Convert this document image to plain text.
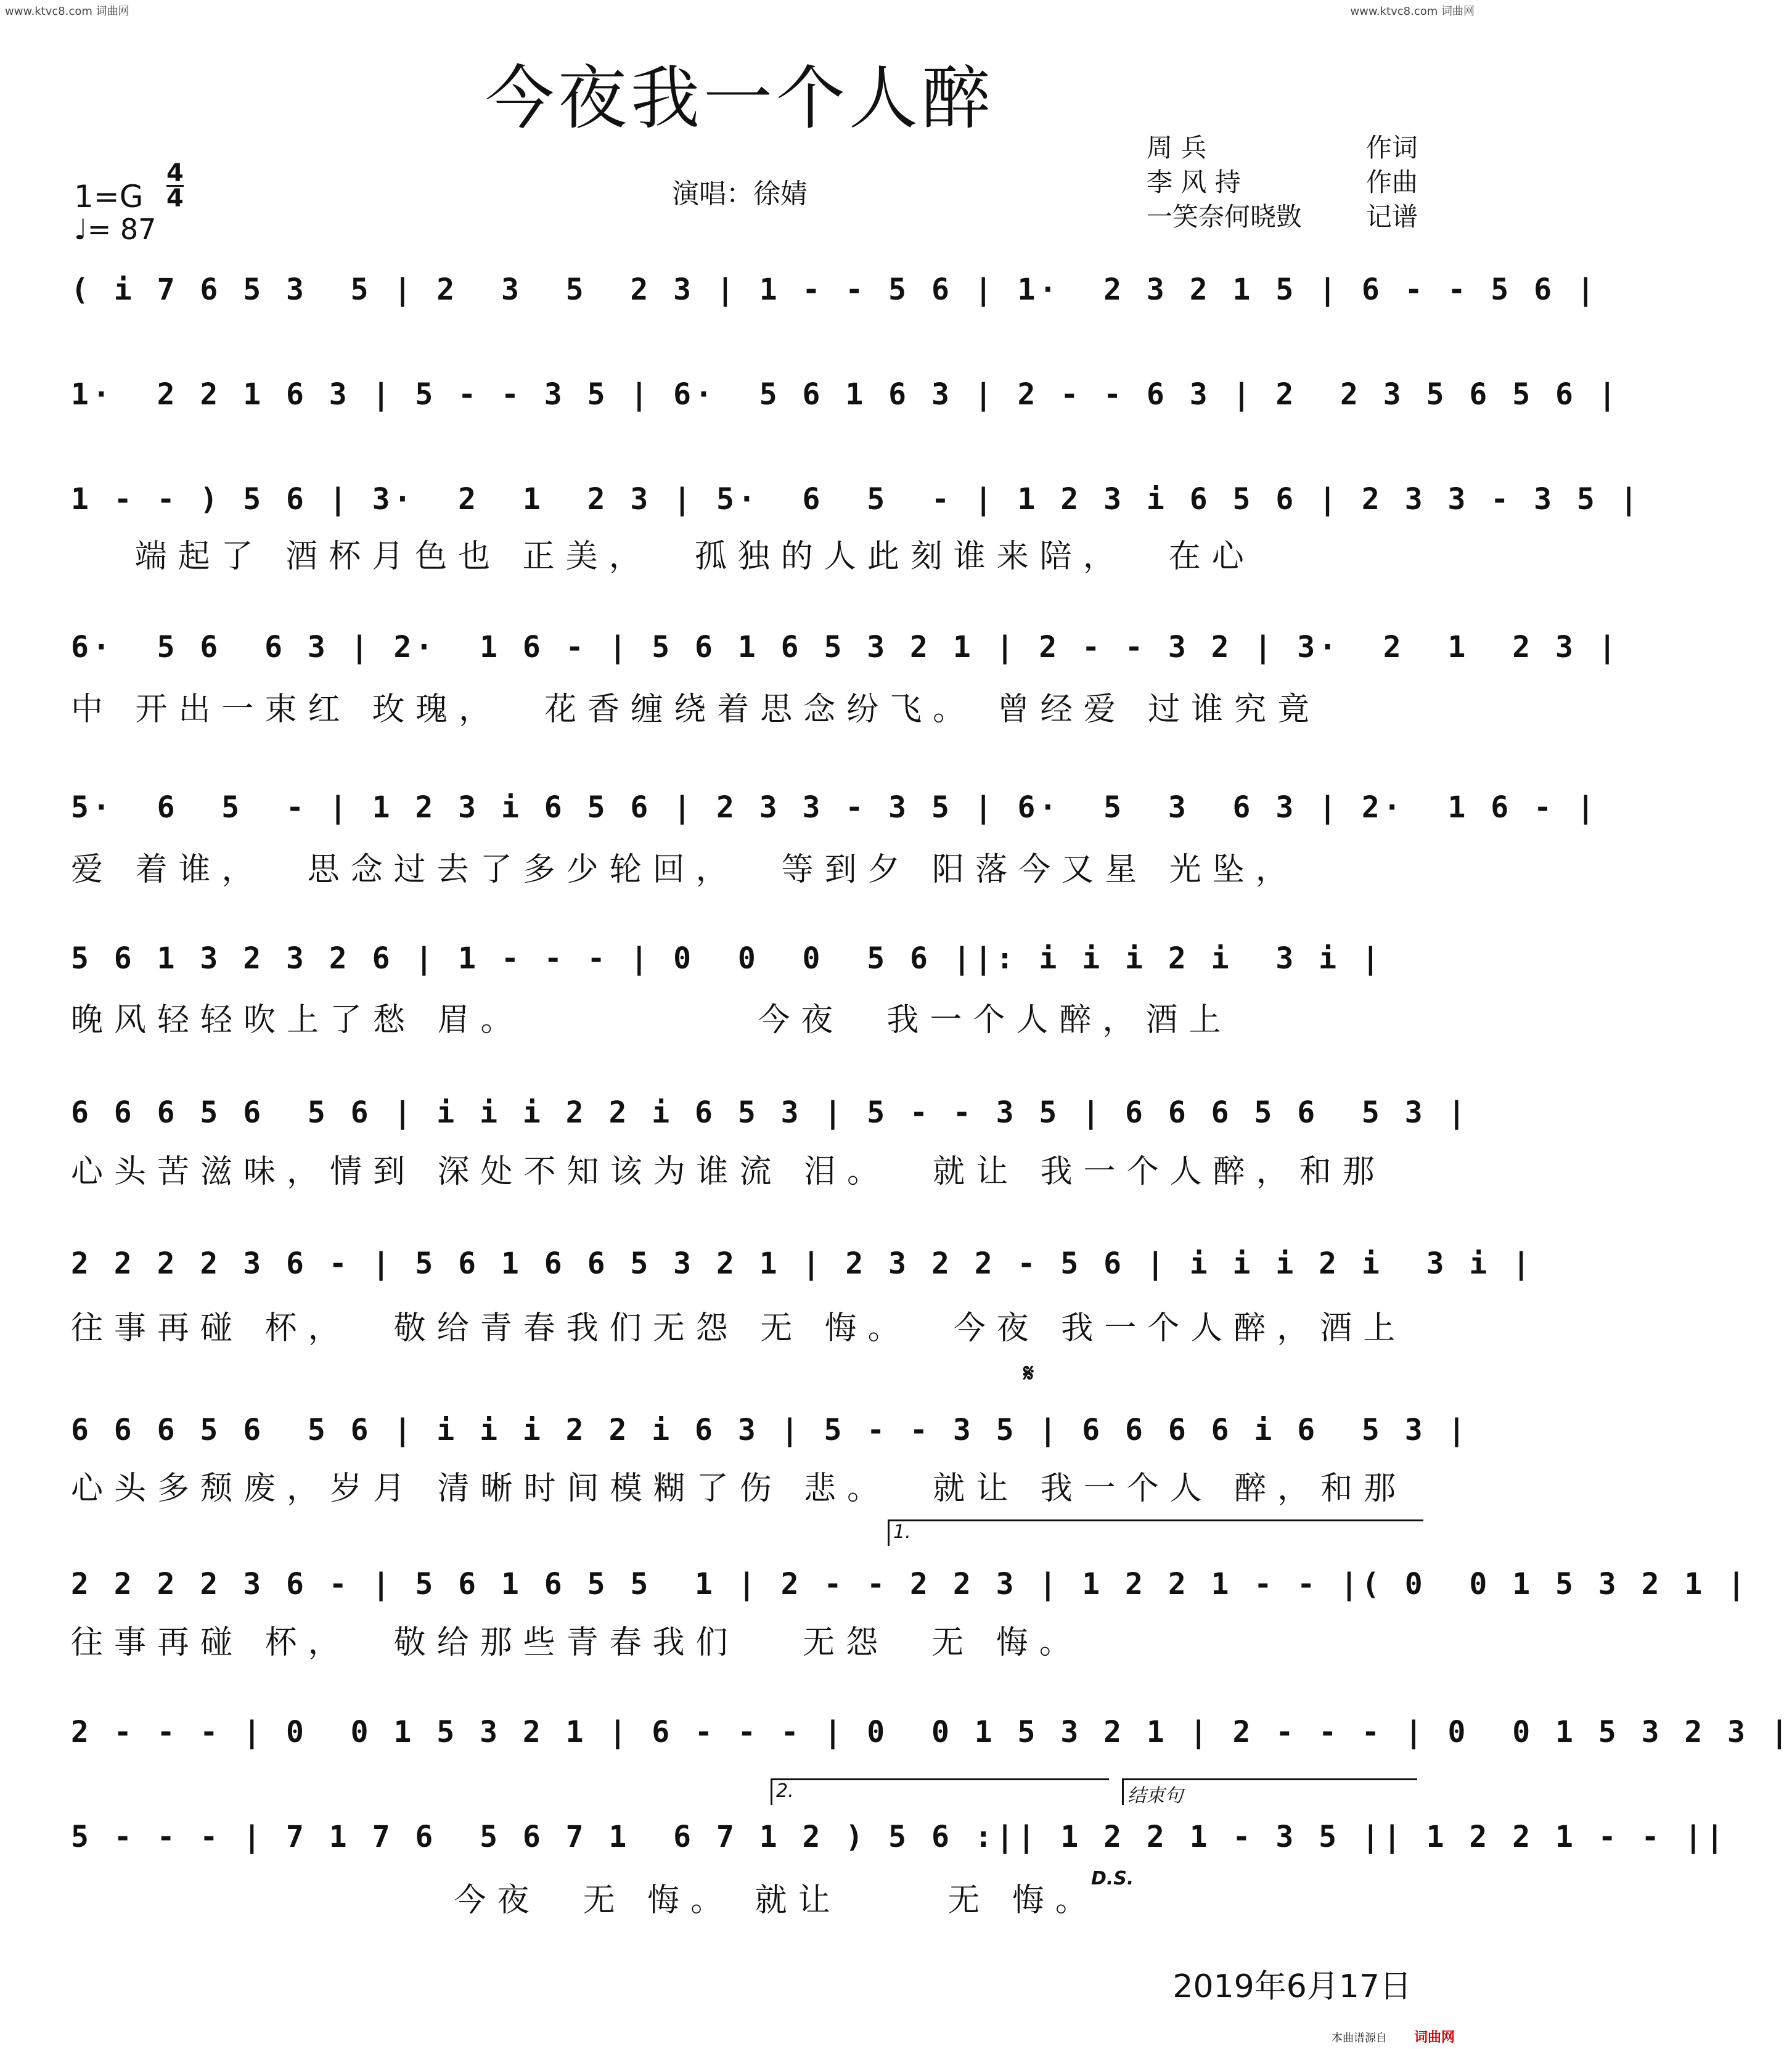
www.ktvc8.com 词曲网	www.ktvc8.com 词曲网
今夜我一个人醉
1=G
4
4
♩= 87
演唱：徐婧
周 兵	作词
李 风 持	作曲
一笑奈何晓敳 记谱
( i 7 6 5 3  5 | 2  3  5  2 3 | 1 - - 5 6 | 1·  2 3 2 1 5 | 6 - - 5 6 |
1·  2 2 1 6 3 | 5 - - 3 5 | 6·  5 6 1 6 3 | 2 - - 6 3 | 2  2 3 5 6 5 6 |
1 - - ) 5 6 | 3·  2  1  2 3 | 5·  6  5  - | 1 2 3 i 6 5 6 | 2 3 3 - 3 5 |
端起了 酒杯月色也 正美，  孤独的人此刻谁来陪，  在心
6·  5 6  6 3 | 2·  1 6 - | 5 6 1 6 5 3 2 1 | 2 - - 3 2 | 3·  2  1  2 3 |
中 开出一束红 玫瑰，  花香缠绕着思念纷飞。 曾经爱 过谁究竟
5·  6  5  - | 1 2 3 i 6 5 6 | 2 3 3 - 3 5 | 6·  5  3  6 3 | 2·  1 6 - |
爱 着谁，  思念过去了多少轮回，  等到夕 阳落今又星 光坠，
5 6 1 3 2 3 2 6 | 1 - - - | 0  0  0  5 6 ||: i i i 2 i  3 i |
晚风轻轻吹上了愁 眉。           今夜  我一个人醉，酒上
6 6 6 5 6  5 6 | i i i 2 2 i 6 5 3 | 5 - - 3 5 | 6 6 6 5 6  5 3 |
心头苦滋味，情到 深处不知该为谁流 泪。  就让 我一个人醉，和那
2 2 2 2 3 6 - | 5 6 1 6 6 5 3 2 1 | 2 3 2 2 - 5 6 | i i i 2 i  3 i |
往事再碰 杯，  敬给青春我们无怨 无 悔。  今夜 我一个人醉，酒上
𝄋
6 6 6 5 6  5 6 | i i i 2 2 i 6 3 | 5 - - 3 5 | 6 6 6 6 i 6  5 3 |
心头多颓废，岁月 清晰时间模糊了伤 悲。  就让 我一个人 醉，和那
1.
2 2 2 2 3 6 - | 5 6 1 6 5 5  1 | 2 - - 2 2 3 | 1 2 2 1 - - |( 0  0 1 5 3 2 1 |
往事再碰 杯，  敬给那些青春我们   无怨  无 悔。
2 - - - | 0  0 1 5 3 2 1 | 6 - - - | 0  0 1 5 3 2 1 | 2 - - - | 0  0 1 5 3 2 3 |
2.	结束句
5 - - - | 7 1 7 6  5 6 7 1  6 7 1 2 ) 5 6 :|| 1 2 2 1 - 3 5 || 1 2 2 1 - - ||
今夜  无 悔。 就让     无 悔。
D.S.
2019年6月17日
本曲谱源自 词曲网
